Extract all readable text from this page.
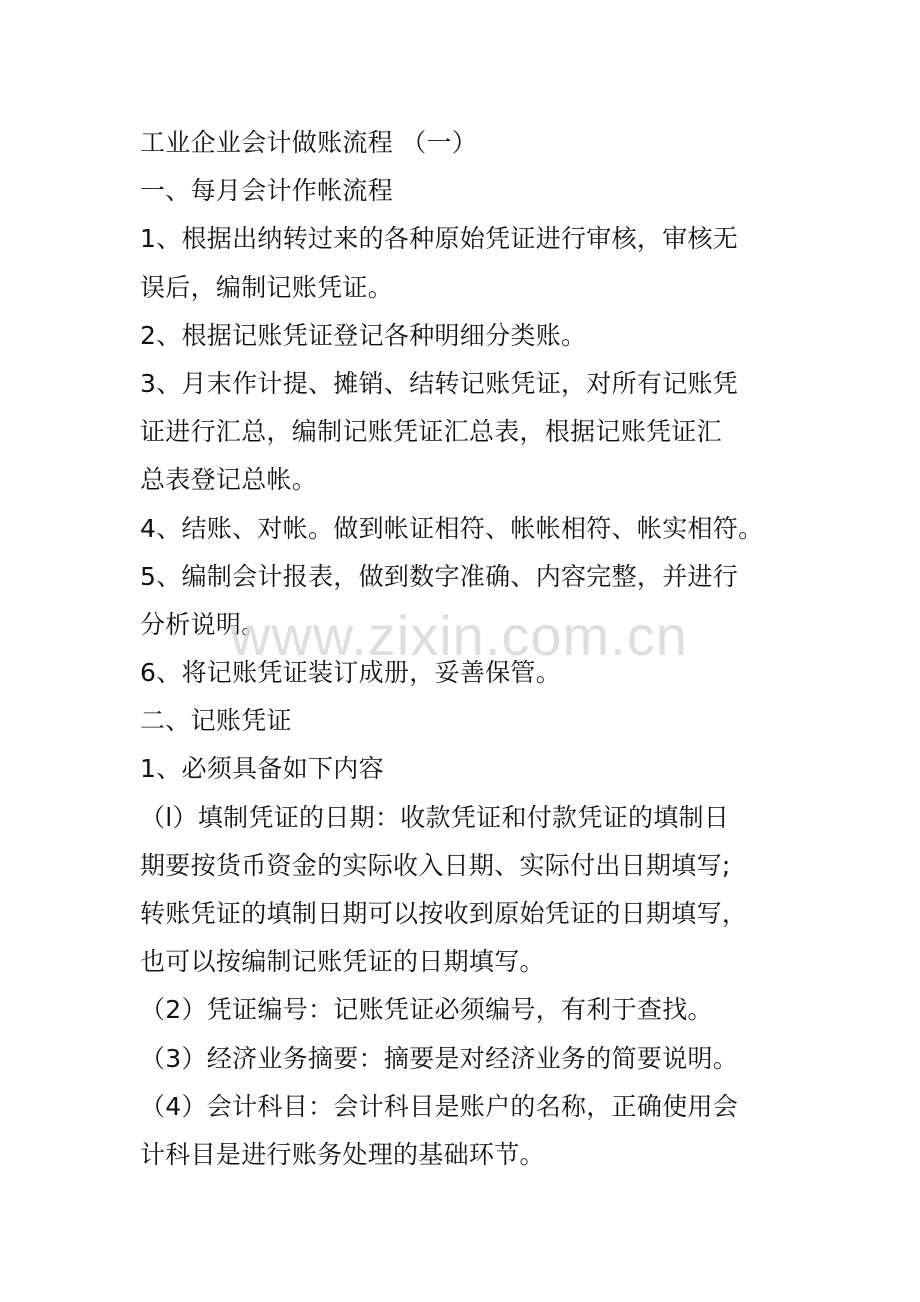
工业企业会计做账流程 （一）
一、每月会计作帐流程
1、根据出纳转过来的各种原始凭证进行审核，审核无
误后，编制记账凭证。
2、根据记账凭证登记各种明细分类账。
3、月末作计提、摊销、结转记账凭证，对所有记账凭
证进行汇总，编制记账凭证汇总表，根据记账凭证汇
总表登记总帐。
4、结账、对帐。做到帐证相符、帐帐相符、帐实相符。
5、编制会计报表，做到数字准确、内容完整，并进行
分析说明。
6、将记账凭证装订成册，妥善保管。
二、记账凭证
1、必须具备如下内容
（l）填制凭证的日期：收款凭证和付款凭证的填制日
期要按货币资金的实际收入日期、实际付出日期填写;
转账凭证的填制日期可以按收到原始凭证的日期填写，
也可以按编制记账凭证的日期填写。
（2）凭证编号：记账凭证必须编号，有利于查找。
（3）经济业务摘要：摘要是对经济业务的简要说明。
（4）会计科目：会计科目是账户的名称，正确使用会
计科目是进行账务处理的基础环节。
www.zixin.com.cn
